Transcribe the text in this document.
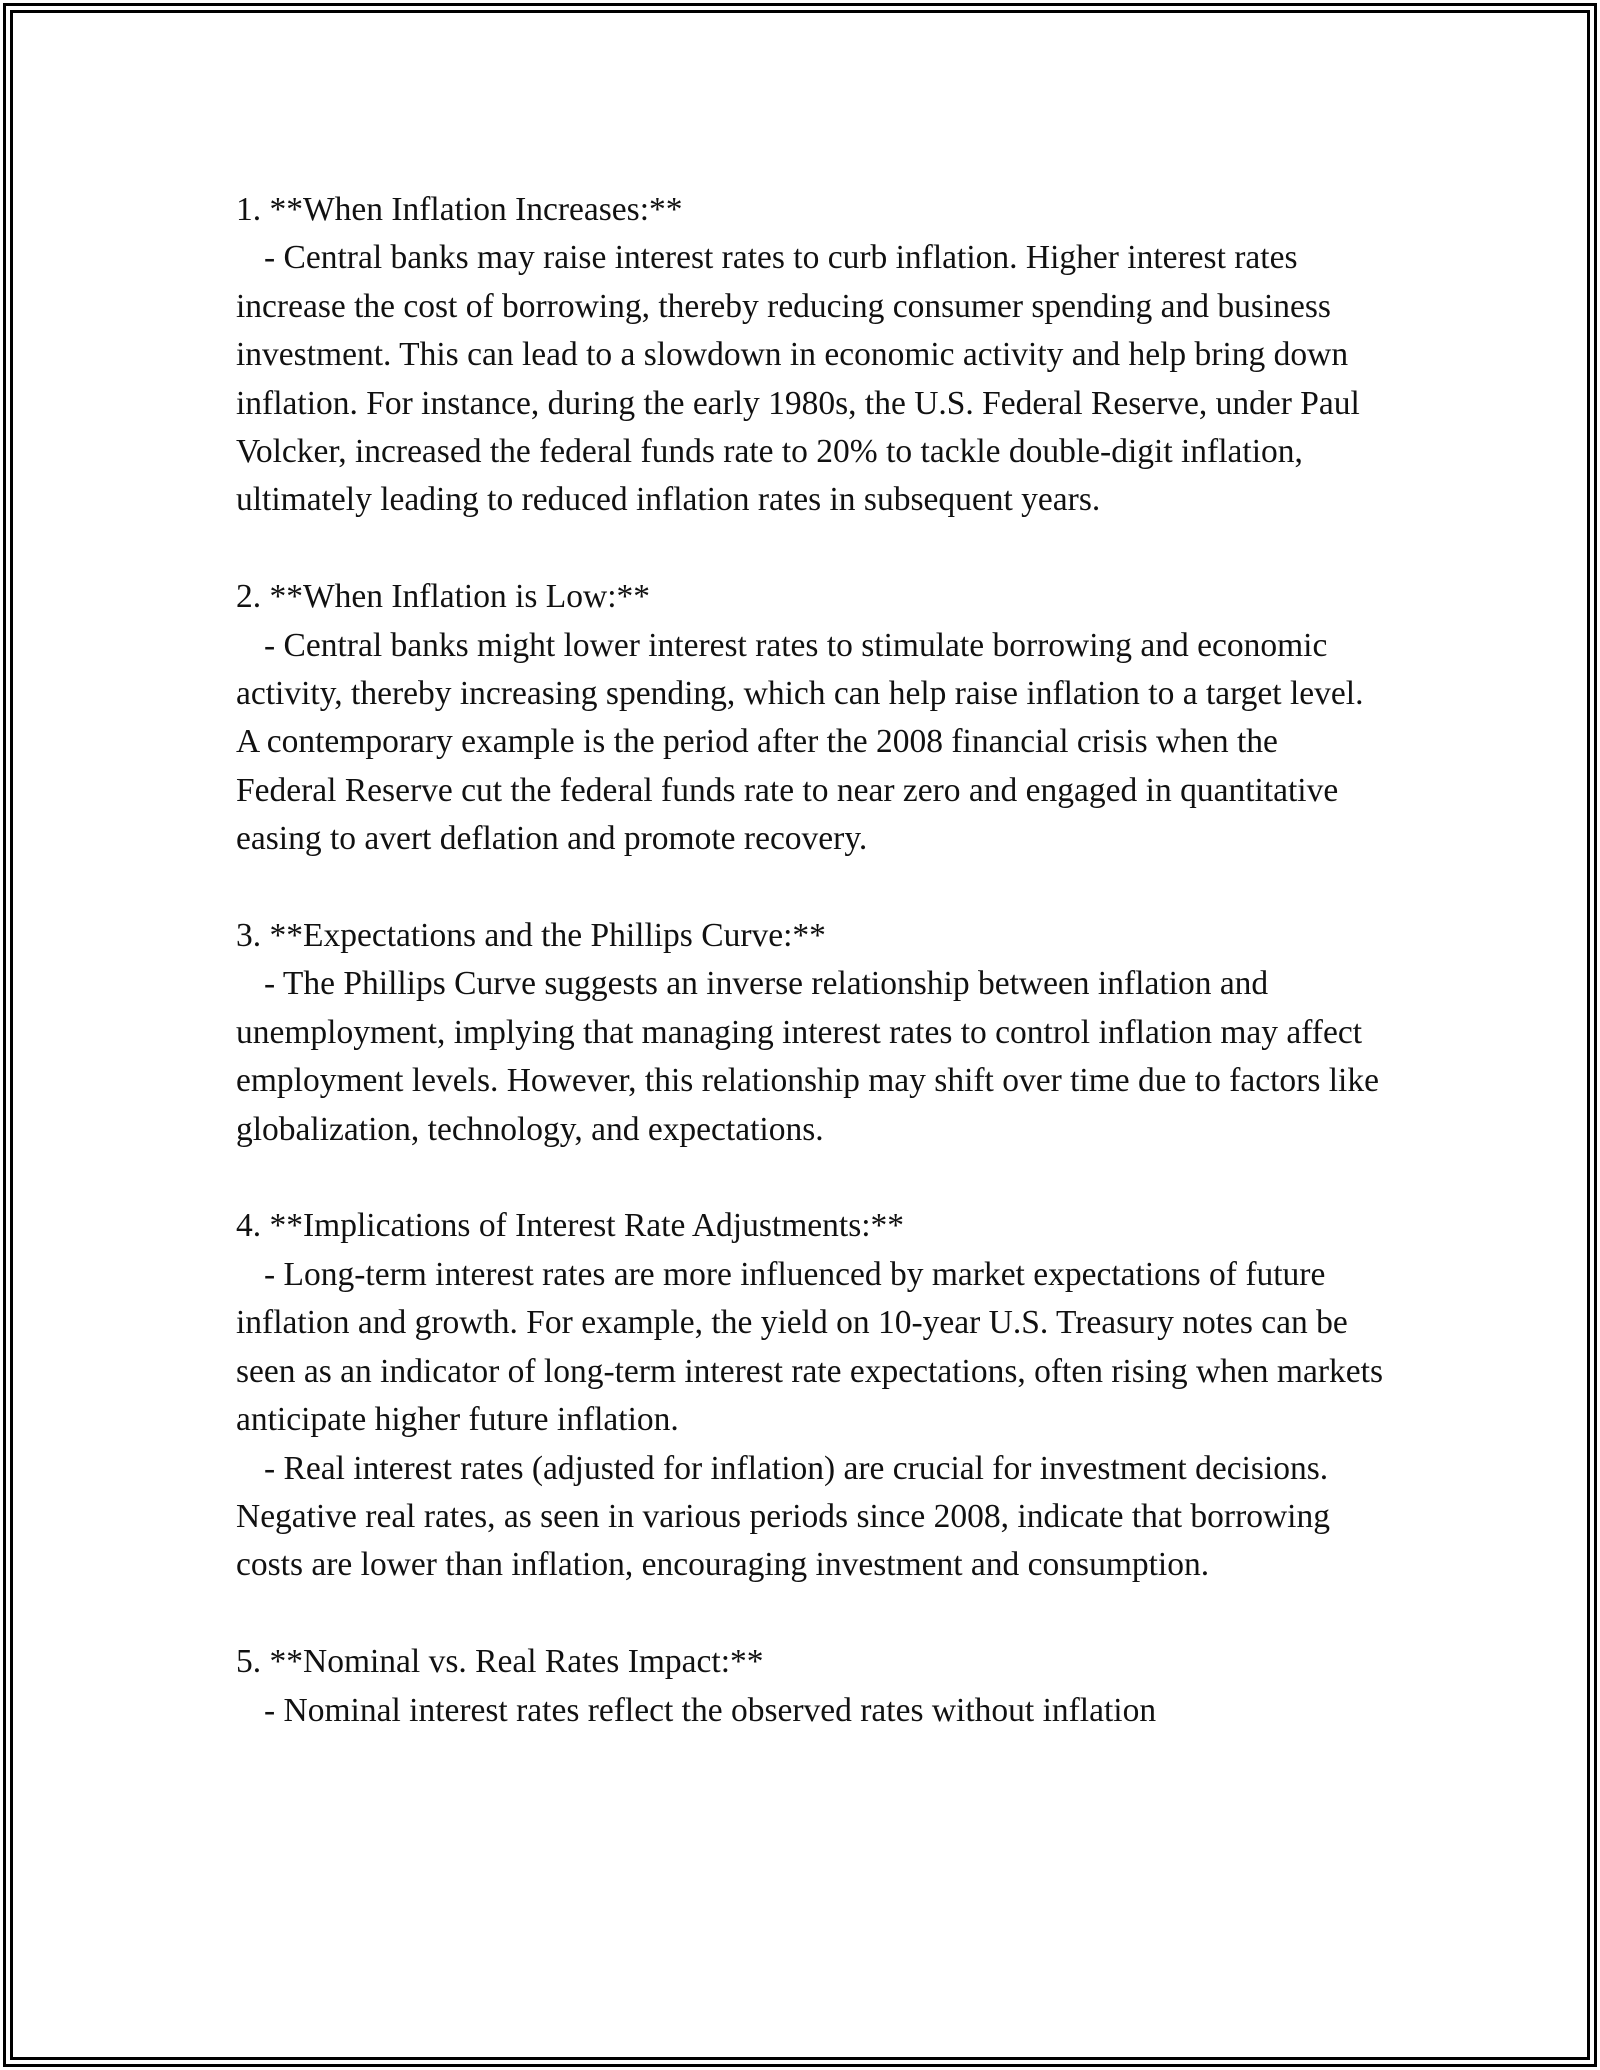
1. **When Inflation Increases:**
- Central banks may raise interest rates to curb inflation. Higher interest rates increase the cost of borrowing, thereby reducing consumer spending and business investment. This can lead to a slowdown in economic activity and help bring down inflation. For instance, during the early 1980s, the U.S. Federal Reserve, under Paul Volcker, increased the federal funds rate to 20% to tackle double-digit inflation, ultimately leading to reduced inflation rates in subsequent years.
2. **When Inflation is Low:**
- Central banks might lower interest rates to stimulate borrowing and economic activity, thereby increasing spending, which can help raise inflation to a target level. A contemporary example is the period after the 2008 financial crisis when the Federal Reserve cut the federal funds rate to near zero and engaged in quantitative easing to avert deflation and promote recovery.
3. **Expectations and the Phillips Curve:**
- The Phillips Curve suggests an inverse relationship between inflation and unemployment, implying that managing interest rates to control inflation may affect employment levels. However, this relationship may shift over time due to factors like globalization, technology, and expectations.
4. **Implications of Interest Rate Adjustments:**
- Long-term interest rates are more influenced by market expectations of future inflation and growth. For example, the yield on 10-year U.S. Treasury notes can be seen as an indicator of long-term interest rate expectations, often rising when markets anticipate higher future inflation.
- Real interest rates (adjusted for inflation) are crucial for investment decisions. Negative real rates, as seen in various periods since 2008, indicate that borrowing costs are lower than inflation, encouraging investment and consumption.
5. **Nominal vs. Real Rates Impact:**
- Nominal interest rates reflect the observed rates without inflation
